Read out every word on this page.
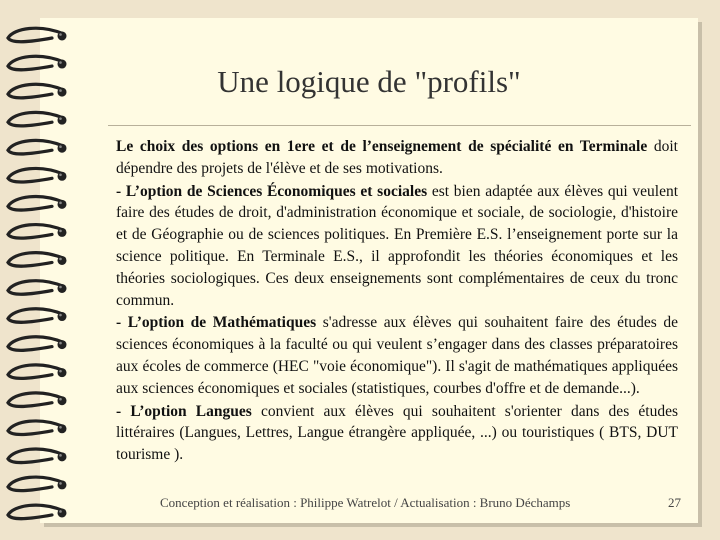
Une logique de "profils"

Le choix des options en 1ere et de l’enseignement de spécialité en Terminale doit dépendre des projets de l'élève et de ses motivations.

- L’option de Sciences Économiques et sociales est bien adaptée aux élèves qui veulent faire des études de droit, d'administration économique et sociale, de sociologie, d'histoire et de Géographie ou de sciences politiques. En Première E.S. l’enseignement porte sur la science politique. En Terminale E.S., il approfondit les théories économiques et les théories sociologiques. Ces deux enseignements sont complémentaires de ceux du tronc commun.

- L’option de Mathématiques s'adresse aux élèves qui souhaitent faire des études de sciences économiques à la faculté ou qui veulent s’engager dans des classes préparatoires aux écoles de commerce (HEC "voie économique"). Il s'agit de mathématiques appliquées aux sciences économiques et sociales (statistiques, courbes d'offre et de demande...).

- L’option Langues convient aux élèves qui souhaitent s'orienter dans des études littéraires (Langues, Lettres, Langue étrangère appliquée, ...) ou touristiques ( BTS, DUT tourisme ).

Conception et réalisation : Philippe Watrelot / Actualisation : Bruno Déchamps	27
